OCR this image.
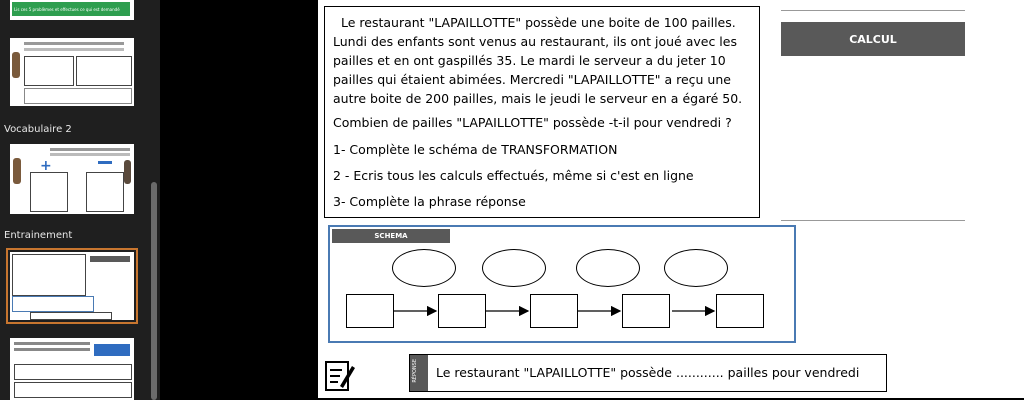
Lis ces 5 problèmes et effectues ce qui est demandé
Vocabulaire 2
+
Entrainement

Le restaurant "LAPAILLOTTE" possède une boite de 100 pailles. Lundi des enfants sont venus au restaurant, ils ont joué avec les pailles et en ont gaspillés 35. Le mardi le serveur a du jeter 10 pailles qui étaient abimées. Mercredi "LAPAILLOTTE" a reçu une autre boite de 200 pailles, mais le jeudi le serveur en a égaré 50.

Combien de pailles "LAPAILLOTTE" possède -t-il pour vendredi ?

1- Complète le schéma de TRANSFORMATION

2 - Ecris tous les calculs effectués, même si c'est en ligne

3- Complète la phrase réponse

CALCUL
SCHEMA
RÉPONSE Le restaurant "LAPAILLOTTE" possède ............ pailles pour vendredi
